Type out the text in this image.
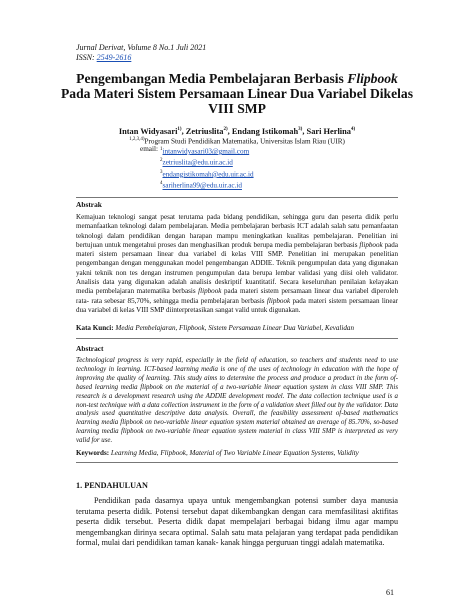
Jurnal Derivat, Volume 8 No.1 Juli 2021
ISSN: 2549-2616
Pengembangan Media Pembelajaran Berbasis Flipbook Pada Materi Sistem Persamaan Linear Dua Variabel Dikelas VIII SMP
Intan Widyasari$^{1)}$, Zetriuslita$^{2)}$, Endang Istikomah$^{3)}$, Sari Herlina$^{4)}$
$^{1,2,3,4)}$Program Studi Pendidikan Matematika, Universitas Islam Riau (UIR)
email: $^1$intanwidyasari03@gmail.com
$^2$zetriuslita@edu.uir.ac.id
$^3$endangistikomah@edu.uir.ac.id
$^4$sariherlina99@edu.uir.ac.id
Abstrak
Kemajuan teknologi sangat pesat terutama pada bidang pendidikan, sehingga guru dan peserta didik perlu memanfaatkan teknologi dalam pembelajaran. Media pembelajaran berbasis ICT adalah salah satu pemanfaatan teknologi dalam pendidikan dengan harapan mampu meningkatkan kualitas pembelajaran. Penelitian ini bertujuan untuk mengetahui proses dan menghasilkan produk berupa media pembelajaran berbasis flipbook pada materi sistem persamaan linear dua variabel di kelas VIII SMP. Penelitian ini merupakan penelitian pengembangan dengan menggunakan model pengembangan ADDIE. Teknik pengumpulan data yang digunakan yakni teknik non tes dengan instrumen pengumpulan data berupa lembar validasi yang diisi oleh validator. Analisis data yang digunakan adalah analisis deskriptif kuantitatif. Secara keseluruhan penilaian kelayakan media pembelajaran matematika berbasis flipbook pada materi sistem persamaan linear dua variabel diperoleh rata- rata sebesar 85,70%, sehingga media pembelajaran berbasis flipbook pada materi sistem persamaan linear dua variabel di kelas VIII SMP diinterpretasikan sangat valid untuk digunakan.
Kata Kunci: Media Pembelajaran, Flipbook, Sistem Persamaan Linear Dua Variabel, Kevalidan
Abstract
Technological progress is very rapid, especially in the field of education, so teachers and students need to use technology in learning. ICT-based learning media is one of the uses of technology in education with the hope of improving the quality of learning. This study aims to determine the process and produce a product in the form of-based learning media flipbook on the material of a two-variable linear equation system in class VIII SMP. This research is a development research using the ADDIE development model. The data collection technique used is a non-test technique with a data collection instrument in the form of a validation sheet filled out by the validator. Data analysis used quantitative descriptive data analysis. Overall, the feasibility assessment of-based mathematics learning media flipbook on two-variable linear equation system material obtained an average of 85.70%, so-based learning media flipbook on two-variable linear equation system material in class VIII SMP is interpreted as very valid for use.
Keywords: Learning Media, Flipbook, Material of Two Variable Linear Equation Systems, Validity
1. PENDAHULUAN

Pendidikan pada dasarnya upaya untuk mengembangkan potensi sumber daya manusia terutama peserta didik. Potensi tersebut dapat dikembangkan dengan cara memfasilitasi aktifitas peserta didik tersebut. Peserta didik dapat mempelajari berbagai bidang ilmu agar mampu mengembangkan dirinya secara optimal. Salah satu mata pelajaran yang terdapat pada pendidikan formal, mulai dari pendidikan taman kanak- kanak hingga perguruan tinggi adalah matematika.

61
